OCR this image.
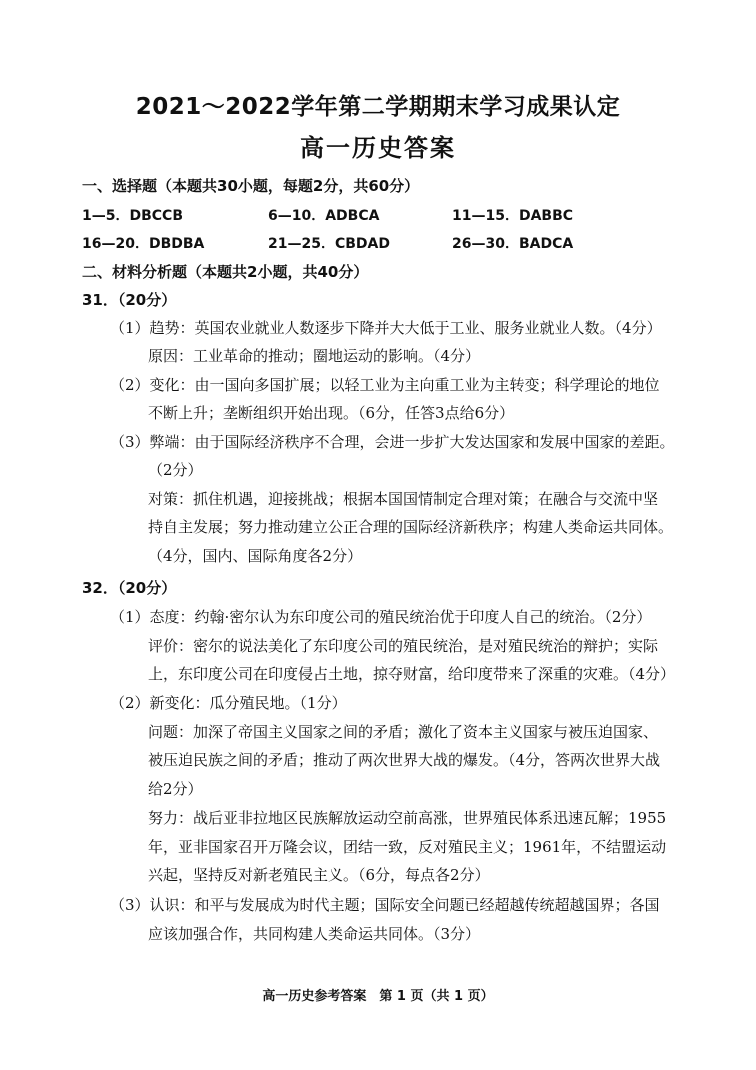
2021～2022学年第二学期期末学习成果认定
高一历史答案
一、选择题（本题共30小题，每题2分，共60分）
1—5．DBCCB	6—10．ADBCA	11—15．DABBC
16—20．DBDBA	21—25．CBDAD	26—30．BADCA
二、材料分析题（本题共2小题，共40分）
31．（20分）
（1）趋势：英国农业就业人数逐步下降并大大低于工业、服务业就业人数。（4分）
原因：工业革命的推动；圈地运动的影响。（4分）
（2）变化：由一国向多国扩展；以轻工业为主向重工业为主转变；科学理论的地位
不断上升；垄断组织开始出现。（6分，任答3点给6分）
（3）弊端：由于国际经济秩序不合理，会进一步扩大发达国家和发展中国家的差距。
（2分）
对策：抓住机遇，迎接挑战；根据本国国情制定合理对策；在融合与交流中坚
持自主发展；努力推动建立公正合理的国际经济新秩序；构建人类命运共同体。
（4分，国内、国际角度各2分）
32．（20分）
（1）态度：约翰·密尔认为东印度公司的殖民统治优于印度人自己的统治。（2分）
评价：密尔的说法美化了东印度公司的殖民统治，是对殖民统治的辩护；实际
上，东印度公司在印度侵占土地，掠夺财富，给印度带来了深重的灾难。（4分）
（2）新变化：瓜分殖民地。（1分）
问题：加深了帝国主义国家之间的矛盾；激化了资本主义国家与被压迫国家、
被压迫民族之间的矛盾；推动了两次世界大战的爆发。（4分，答两次世界大战
给2分）
努力：战后亚非拉地区民族解放运动空前高涨，世界殖民体系迅速瓦解；1955
年，亚非国家召开万隆会议，团结一致，反对殖民主义；1961年，不结盟运动
兴起，坚持反对新老殖民主义。（6分，每点各2分）
（3）认识：和平与发展成为时代主题；国际安全问题已经超越传统超越国界；各国
应该加强合作，共同构建人类命运共同体。（3分）
高一历史参考答案　第 1 页（共 1 页）
